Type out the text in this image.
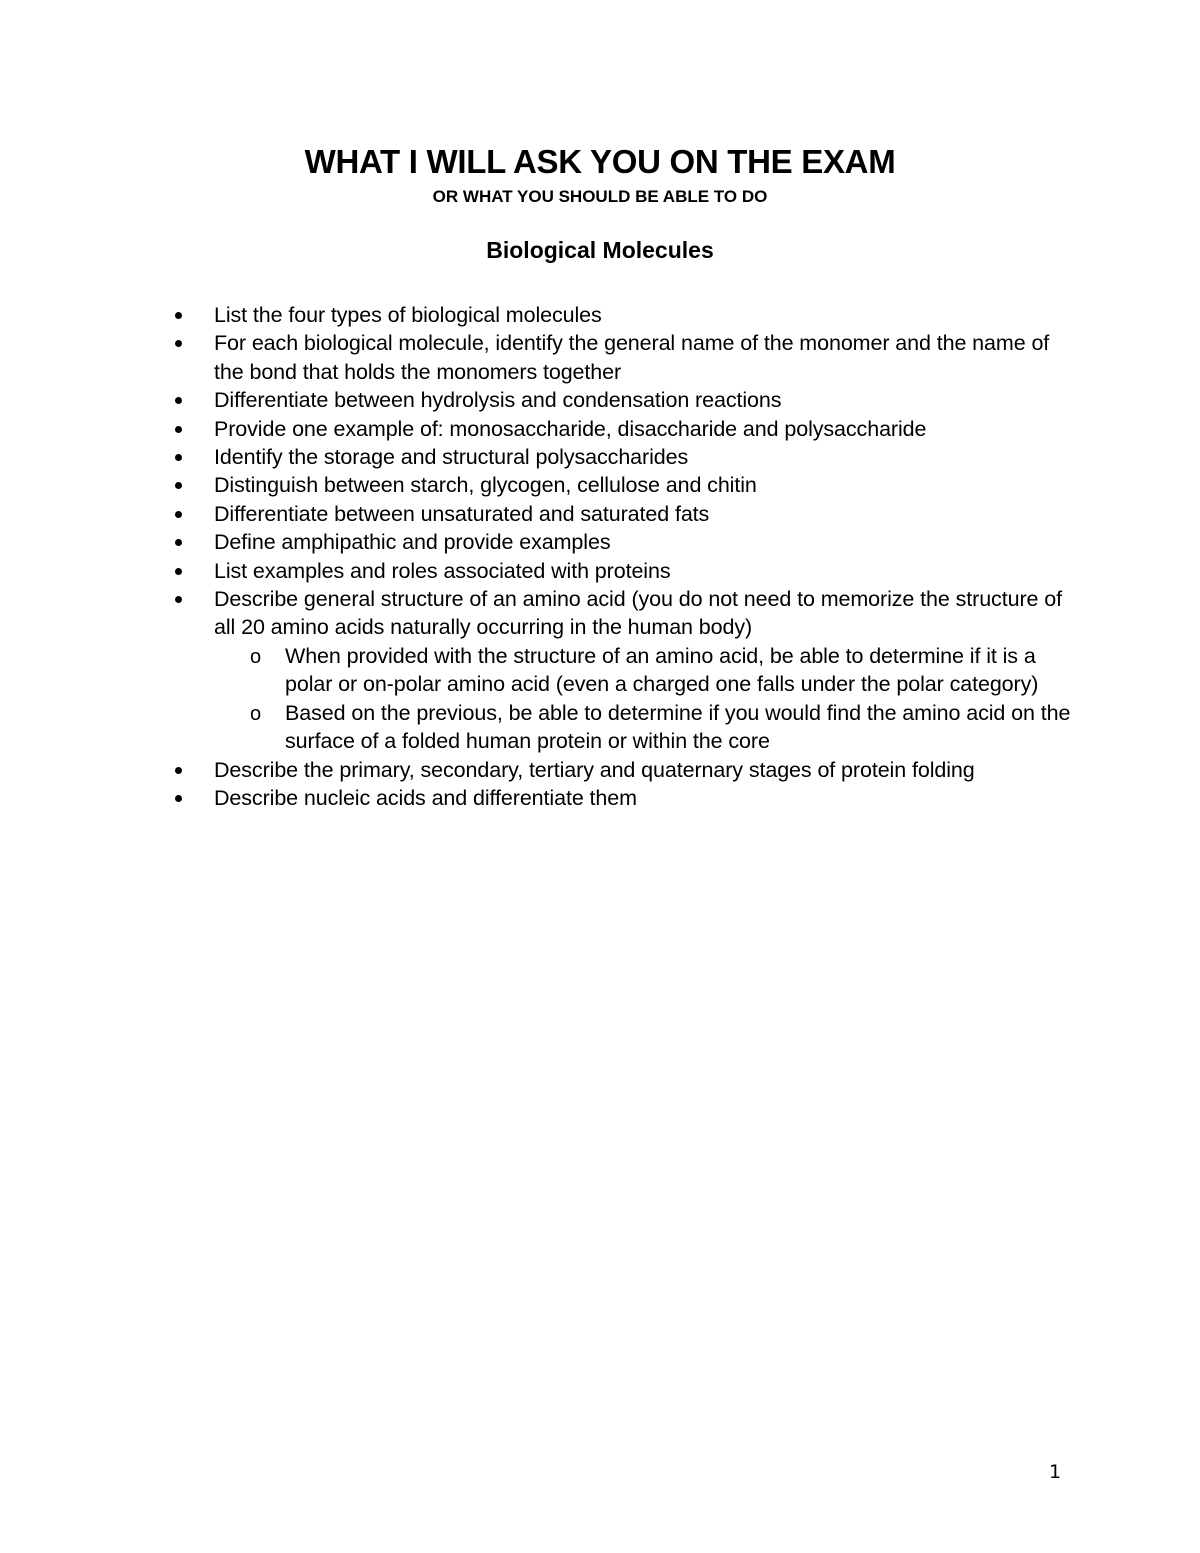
WHAT I WILL ASK YOU ON THE EXAM
OR WHAT YOU SHOULD BE ABLE TO DO
Biological Molecules
List the four types of biological molecules
For each biological molecule, identify the general name of the monomer and the name of the bond that holds the monomers together
Differentiate between hydrolysis and condensation reactions
Provide one example of: monosaccharide, disaccharide and polysaccharide
Identify the storage and structural polysaccharides
Distinguish between starch, glycogen, cellulose and chitin
Differentiate between unsaturated and saturated fats
Define amphipathic and provide examples
List examples and roles associated with proteins
Describe general structure of an amino acid (you do not need to memorize the structure of all 20 amino acids naturally occurring in the human body)
o When provided with the structure of an amino acid, be able to determine if it is a polar or on-polar amino acid (even a charged one falls under the polar category)
o Based on the previous, be able to determine if you would find the amino acid on the surface of a folded human protein or within the core
Describe the primary, secondary, tertiary and quaternary stages of protein folding
Describe nucleic acids and differentiate them
1
